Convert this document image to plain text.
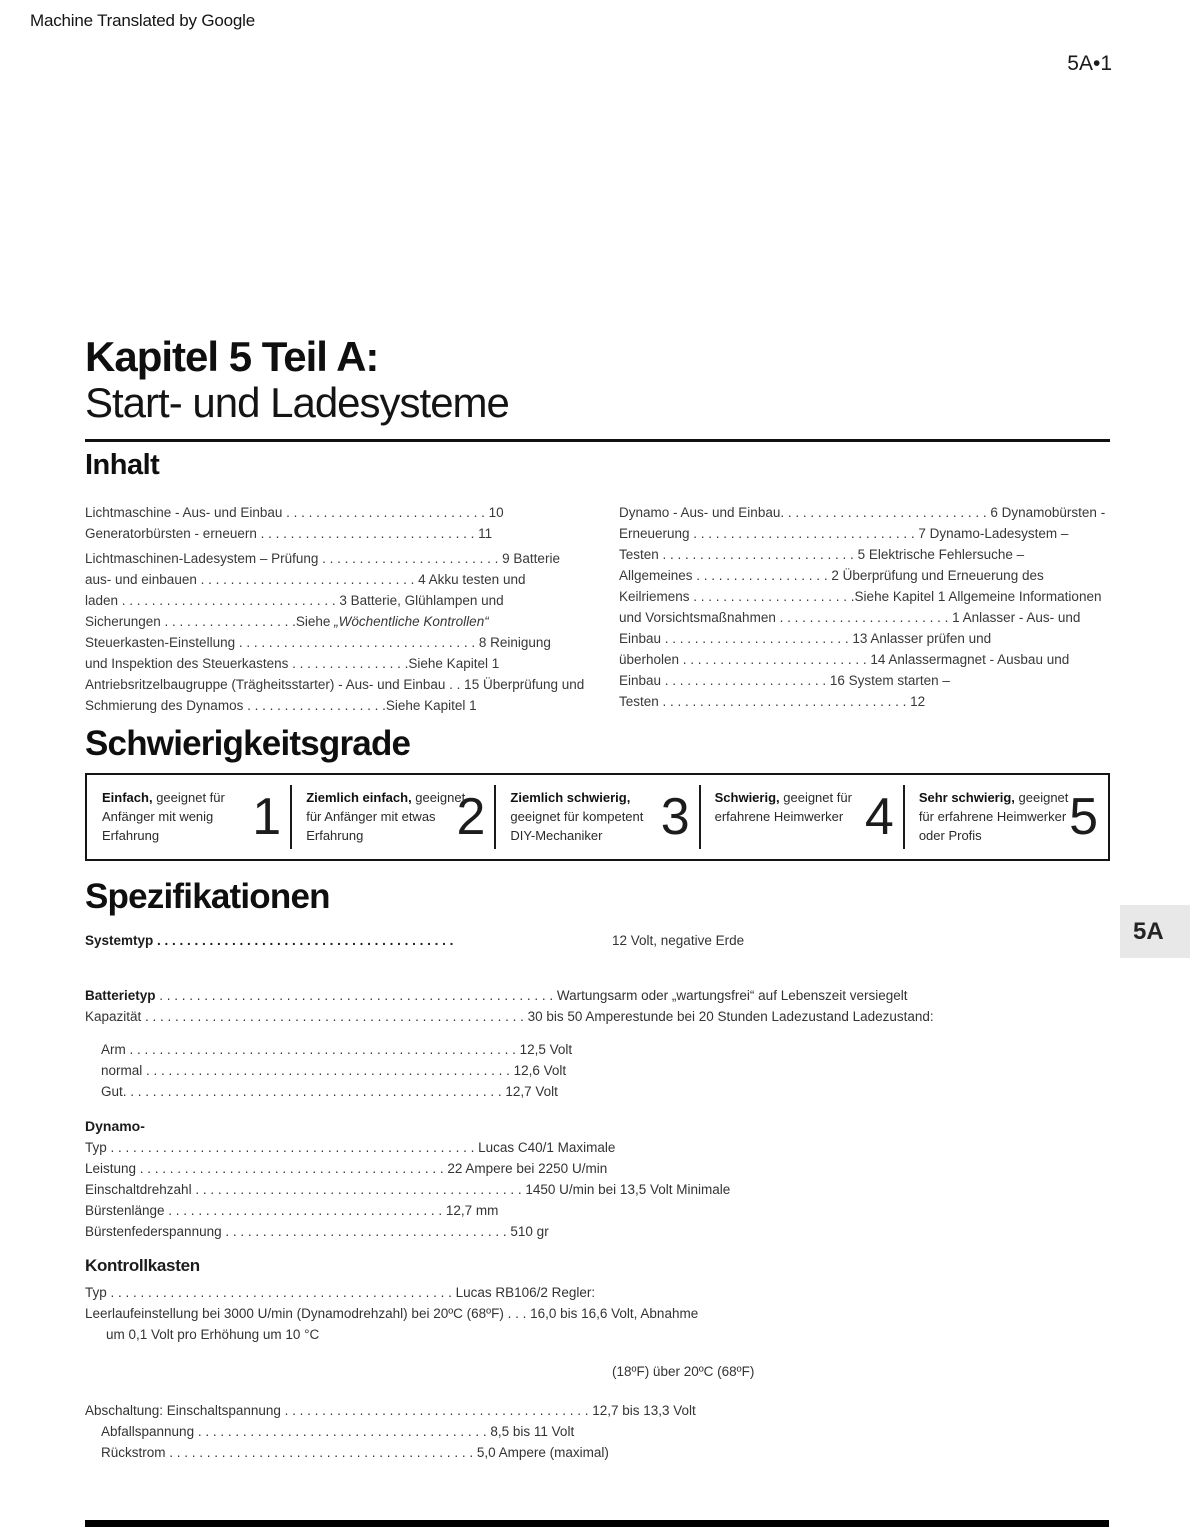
Machine Translated by Google
5A•1
Kapitel 5 Teil A:
Start- und Ladesysteme
Inhalt
Lichtmaschine - Aus- und Einbau . . . . . . . . . . . . . . . . . . . . . . . . . . . 10
Generatorbürsten - erneuern . . . . . . . . . . . . . . . . . . . . . . . . . . . . . 11
Lichtmaschinen-Ladesystem – Prüfung . . . . . . . . . . . . . . . . . . . . . . . . 9 Batterie
aus- und einbauen . . . . . . . . . . . . . . . . . . . . . . . . . . . . . 4 Akku testen und
laden . . . . . . . . . . . . . . . . . . . . . . . . . . . . . 3 Batterie, Glühlampen und
Sicherungen . . . . . . . . . . . . . . . . . .Siehe „Wöchentliche Kontrollen“
Steuerkasten-Einstellung . . . . . . . . . . . . . . . . . . . . . . . . . . . . . . . . 8 Reinigung
und Inspektion des Steuerkastens . . . . . . . . . . . . . . . .Siehe Kapitel 1
Antriebsritzelbaugruppe (Trägheitsstarter) - Aus- und Einbau . . 15 Überprüfung und
Schmierung des Dynamos . . . . . . . . . . . . . . . . . . .Siehe Kapitel 1
Dynamo - Aus- und Einbau. . . . . . . . . . . . . . . . . . . . . . . . . . . . 6 Dynamobürsten -
Erneuerung . . . . . . . . . . . . . . . . . . . . . . . . . . . . . . 7 Dynamo-Ladesystem –
Testen . . . . . . . . . . . . . . . . . . . . . . . . . . 5 Elektrische Fehlersuche –
Allgemeines . . . . . . . . . . . . . . . . . . 2 Überprüfung und Erneuerung des
Keilriemens . . . . . . . . . . . . . . . . . . . . . .Siehe Kapitel 1 Allgemeine Informationen
und Vorsichtsmaßnahmen . . . . . . . . . . . . . . . . . . . . . . . 1 Anlasser - Aus- und
Einbau . . . . . . . . . . . . . . . . . . . . . . . . . 13 Anlasser prüfen und
überholen . . . . . . . . . . . . . . . . . . . . . . . . . 14 Anlassermagnet - Ausbau und
Einbau . . . . . . . . . . . . . . . . . . . . . . 16 System starten –
Testen . . . . . . . . . . . . . . . . . . . . . . . . . . . . . . . . . 12
Schwierigkeitsgrade
Einfach, geeignet für Anfänger mit wenig Erfahrung	1 Ziemlich einfach, geeignet für Anfänger mit etwas Erfahrung	2 Ziemlich schwierig, geeignet für kompetent DIY-Mechaniker	3 Schwierig, geeignet für erfahrene Heimwerker 4 Sehr schwierig, geeignet für erfahrene Heimwerker oder Profis	5
Spezifikationen
Systemtyp . . . . . . . . . . . . . . . . . . . . . . . . . . . . . . . . . . . . . . . .	12 Volt, negative Erde
Batterietyp . . . . . . . . . . . . . . . . . . . . . . . . . . . . . . . . . . . . . . . . . . . . . . . . . . . . . Wartungsarm oder „wartungsfrei“ auf Lebenszeit versiegelt
Kapazität . . . . . . . . . . . . . . . . . . . . . . . . . . . . . . . . . . . . . . . . . . . . . . . . . . . 30 bis 50 Amperestunde bei 20 Stunden Ladezustand Ladezustand:
Arm . . . . . . . . . . . . . . . . . . . . . . . . . . . . . . . . . . . . . . . . . . . . . . . . . . . . 12,5 Volt
normal . . . . . . . . . . . . . . . . . . . . . . . . . . . . . . . . . . . . . . . . . . . . . . . . . 12,6 Volt
Gut. . . . . . . . . . . . . . . . . . . . . . . . . . . . . . . . . . . . . . . . . . . . . . . . . . . 12,7 Volt
Dynamo-
Typ . . . . . . . . . . . . . . . . . . . . . . . . . . . . . . . . . . . . . . . . . . . . . . . . . Lucas C40/1 Maximale
Leistung . . . . . . . . . . . . . . . . . . . . . . . . . . . . . . . . . . . . . . . . . 22 Ampere bei 2250 U/min
Einschaltdrehzahl . . . . . . . . . . . . . . . . . . . . . . . . . . . . . . . . . . . . . . . . . . . . 1450 U/min bei 13,5 Volt Minimale
Bürstenlänge . . . . . . . . . . . . . . . . . . . . . . . . . . . . . . . . . . . . . 12,7 mm
Bürstenfederspannung . . . . . . . . . . . . . . . . . . . . . . . . . . . . . . . . . . . . . . 510 gr
Kontrollkasten
Typ . . . . . . . . . . . . . . . . . . . . . . . . . . . . . . . . . . . . . . . . . . . . . . Lucas RB106/2 Regler:
Leerlaufeinstellung bei 3000 U/min (Dynamodrehzahl) bei 20ºC (68ºF) . . . 16,0 bis 16,6 Volt, Abnahme
um 0,1 Volt pro Erhöhung um 10 °C
(18ºF) über 20ºC (68ºF)
Abschaltung: Einschaltspannung . . . . . . . . . . . . . . . . . . . . . . . . . . . . . . . . . . . . . . . . . 12,7 bis 13,3 Volt
Abfallspannung . . . . . . . . . . . . . . . . . . . . . . . . . . . . . . . . . . . . . . . 8,5 bis 11 Volt
Rückstrom . . . . . . . . . . . . . . . . . . . . . . . . . . . . . . . . . . . . . . . . . 5,0 Ampere (maximal)
5A
